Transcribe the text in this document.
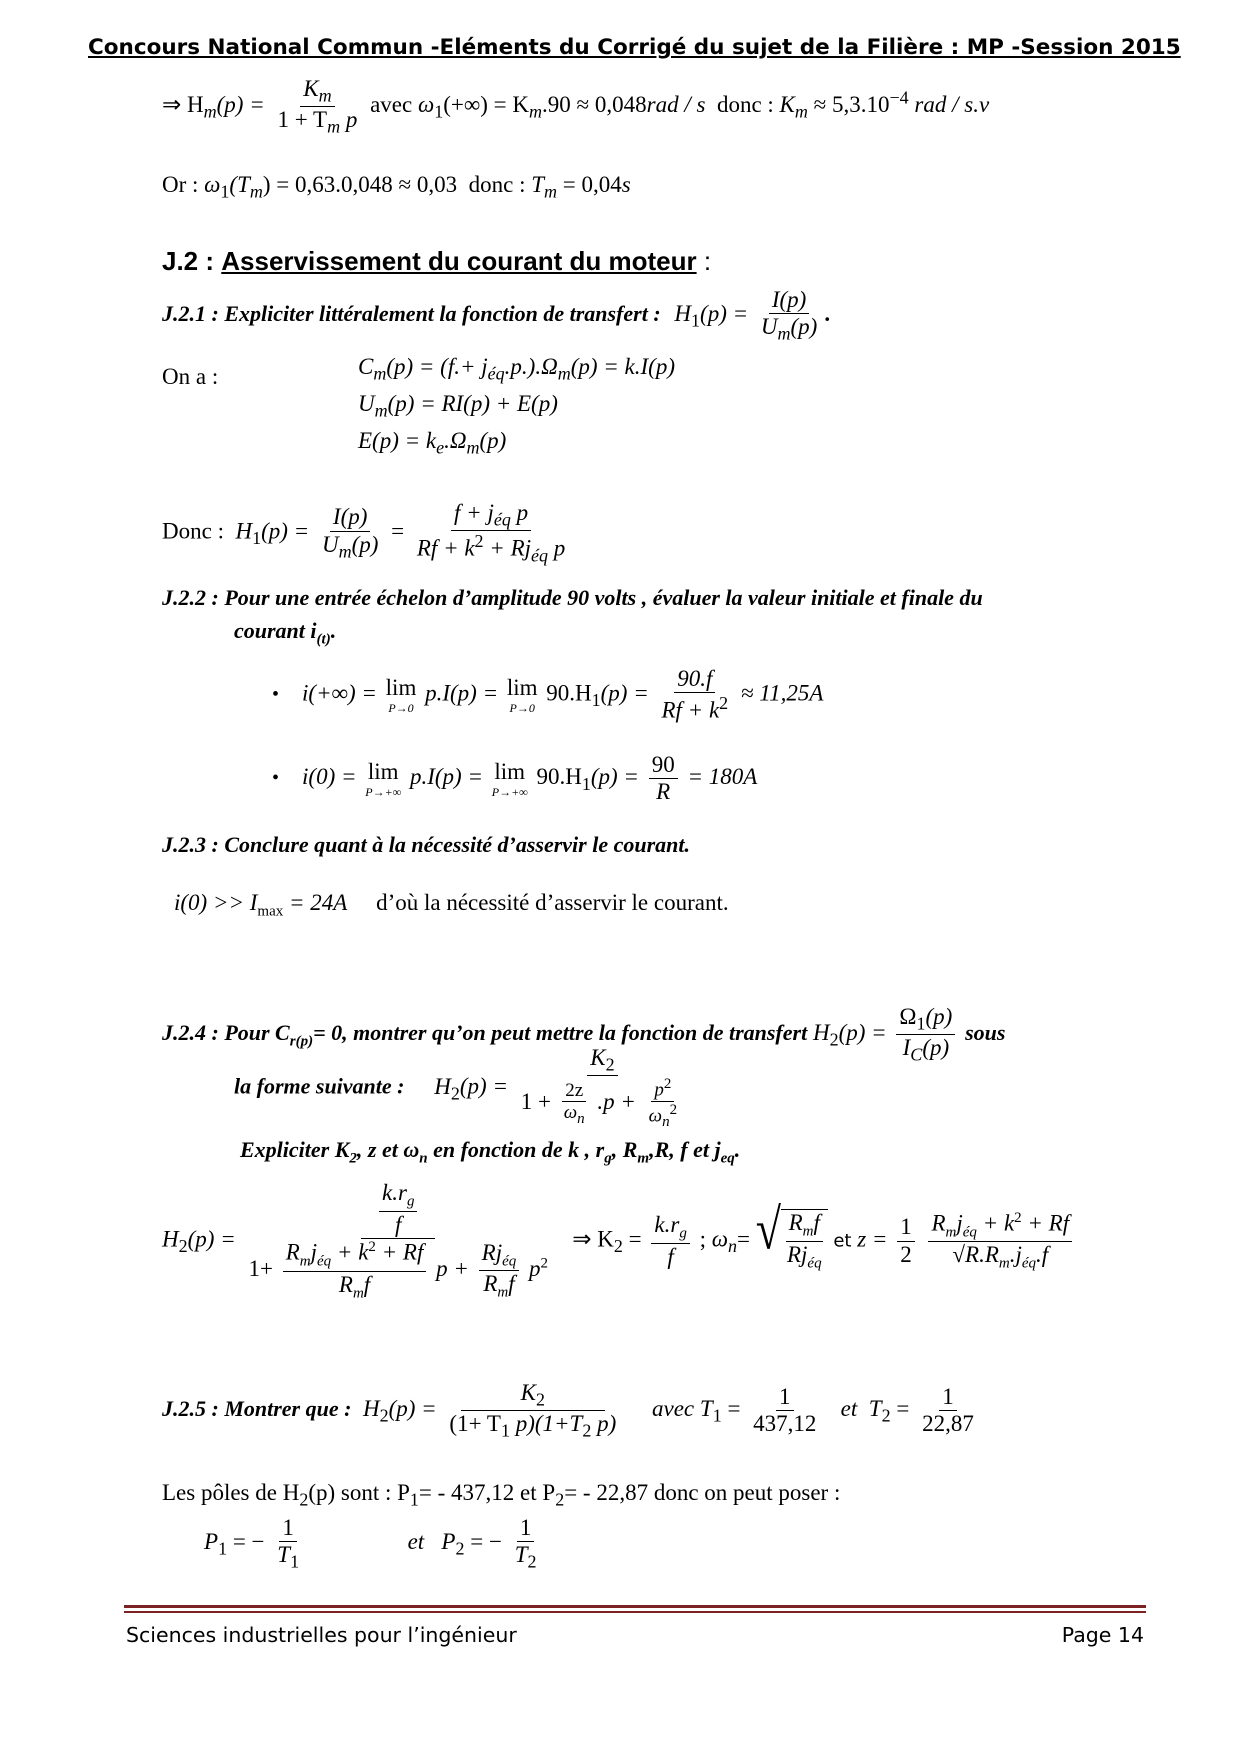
Concours National Commun -Eléments du Corrigé du sujet de la Filière : MP -Session 2015
⇒ $H_m(p) = \frac{K_m}{1 + T_m p}$ avec $\omega_1(+\infty) = K_m.90 \approx 0,048rad / s$ donc : $K_m \approx 5,3.10^{-4}$ rad / s.v
Or : $\omega_1(T_m) = 0,63.0,048 \approx 0,03$ donc : $T_m = 0,04s$
J.2 : Asservissement du courant du moteur :
J.2.1 : Expliciter littéralement la fonction de transfert : $H_1(p) = \frac{I(p)}{U_m(p)}$ .
On a :	$C_m(p) = (f.+ j_{éq}.p.).\Omega_m(p) = k.I(p)$
$U_m(p) = RI(p) + E(p)$
$E(p) = k_e.\Omega_m(p)$
Donc : $H_1(p) = \frac{I(p)}{U_m(p)} = \frac{f + j_{éq} p}{Rf + k^2 + Rj_{éq} p}$
J.2.2 : Pour une entrée échelon d’amplitude 90 volts , évaluer la valeur initiale et finale du
courant $i_{(t)}$.
• i(+∞) = lim
P→0
p.I(p) = lim
P→0
$90.H_1(p) = \frac{90.f}{Rf + k^2} \approx 11,25A$
• i(0) = lim
P→+∞
p.I(p) = lim
P→+∞
$90.H_1(p) = \frac{90}{R} = 180A$
J.2.3 : Conclure quant à la nécessité d’asservir le courant.
$i(0) >> I_{max} = 24A$ d’où la nécessité d’asservir le courant.
J.2.4 : Pour $C_{r(p)}= 0$, montrer qu’on peut mettre la fonction de transfert $H_2(p) = \frac{\Omega_1(p)}{I_C(p)}$ sous
la forme suivante : $H_2(p) = \frac{K_2}{1 + \frac{2z}{\omega_n} .p + \frac{p^2}{\omega_n^2}}$
Expliciter $K_2$, z et $\omega_n$ en fonction de k , $r_g$, $R_m,R$, f et $j_{eq}$.
$H_2(p)$ =
$\frac{k.r_g}{f}$
$1+ \frac{R_mj_{éq} + k^2 + Rf}{R_mf}$ $p + \frac{Rj_{éq}}{R_mf} p^2$
⇒ $K_2 = \frac{k.r_g}{f}$ ; $\omega_n=$ √ $\frac{R_mf}{Rj_{éq}}$ et $z = \frac{1}{2}$
$\frac{R_mj_{éq} + k^2 + Rf}{√R.R_m.j_{éq}.f}$
J.2.5 : Montrer que : $H_2(p) = \frac{K_2}{(1+ T_1 p)(1+T_2 p)}$ avec $T_1 = \frac{1}{437,12}$ et $T_2 = \frac{1}{22,87}$
Les pôles de $H_2(p)$ sont : $P_1= - 437,12$ et $P_2= - 22,87$ donc on peut poser :
$P_1$ = − $\frac{1}{T_1}$	et $P_2$ = − $\frac{1}{T_2}$
Sciences industrielles pour l’ingénieur	Page 14
